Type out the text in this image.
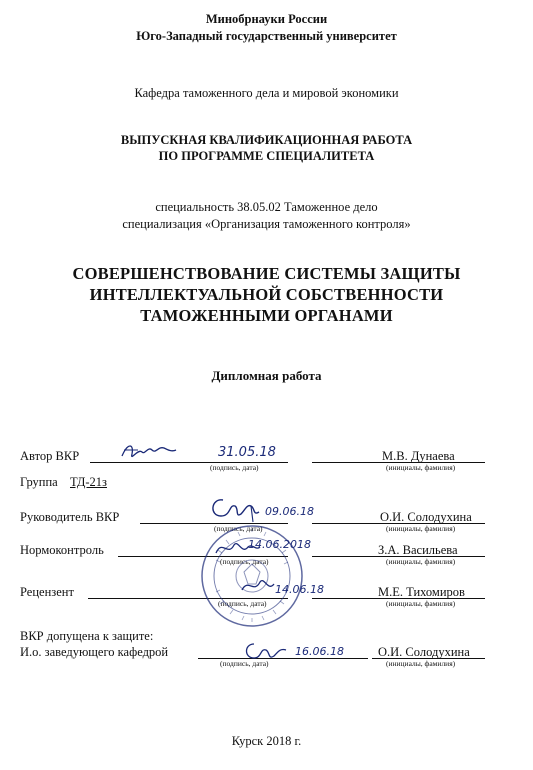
Минобрнауки России
Юго-Западный государственный университет
Кафедра таможенного дела и мировой экономики
ВЫПУСКНАЯ КВАЛИФИКАЦИОННАЯ РАБОТА
ПО ПРОГРАММЕ СПЕЦИАЛИТЕТА
специальность 38.05.02 Таможенное дело
специализация «Организация таможенного контроля»
СОВЕРШЕНСТВОВАНИЕ СИСТЕМЫ ЗАЩИТЫ
ИНТЕЛЛЕКТУАЛЬНОЙ СОБСТВЕННОСТИ
ТАМОЖЕННЫМИ ОРГАНАМИ
Дипломная работа
Автор ВКР	31.05.18
(подпись, дата)
М.В. Дунаева
(инициалы, фамилия)
Группа ТД-21з
Руководитель ВКР	09.06.18
(подпись, дата)
О.И. Солодухина
(инициалы, фамилия)
Нормоконтроль	14.06.2018
(подпись, дата)
З.А. Васильева
(инициалы, фамилия)
Рецензент	14.06.18
(подпись, дата)
М.Е. Тихомиров
(инициалы, фамилия)
ВКР допущена к защите:
И.о. заведующего кафедрой	16.06.18
(подпись, дата)
О.И. Солодухина
(инициалы, фамилия)
Курск 2018 г.
